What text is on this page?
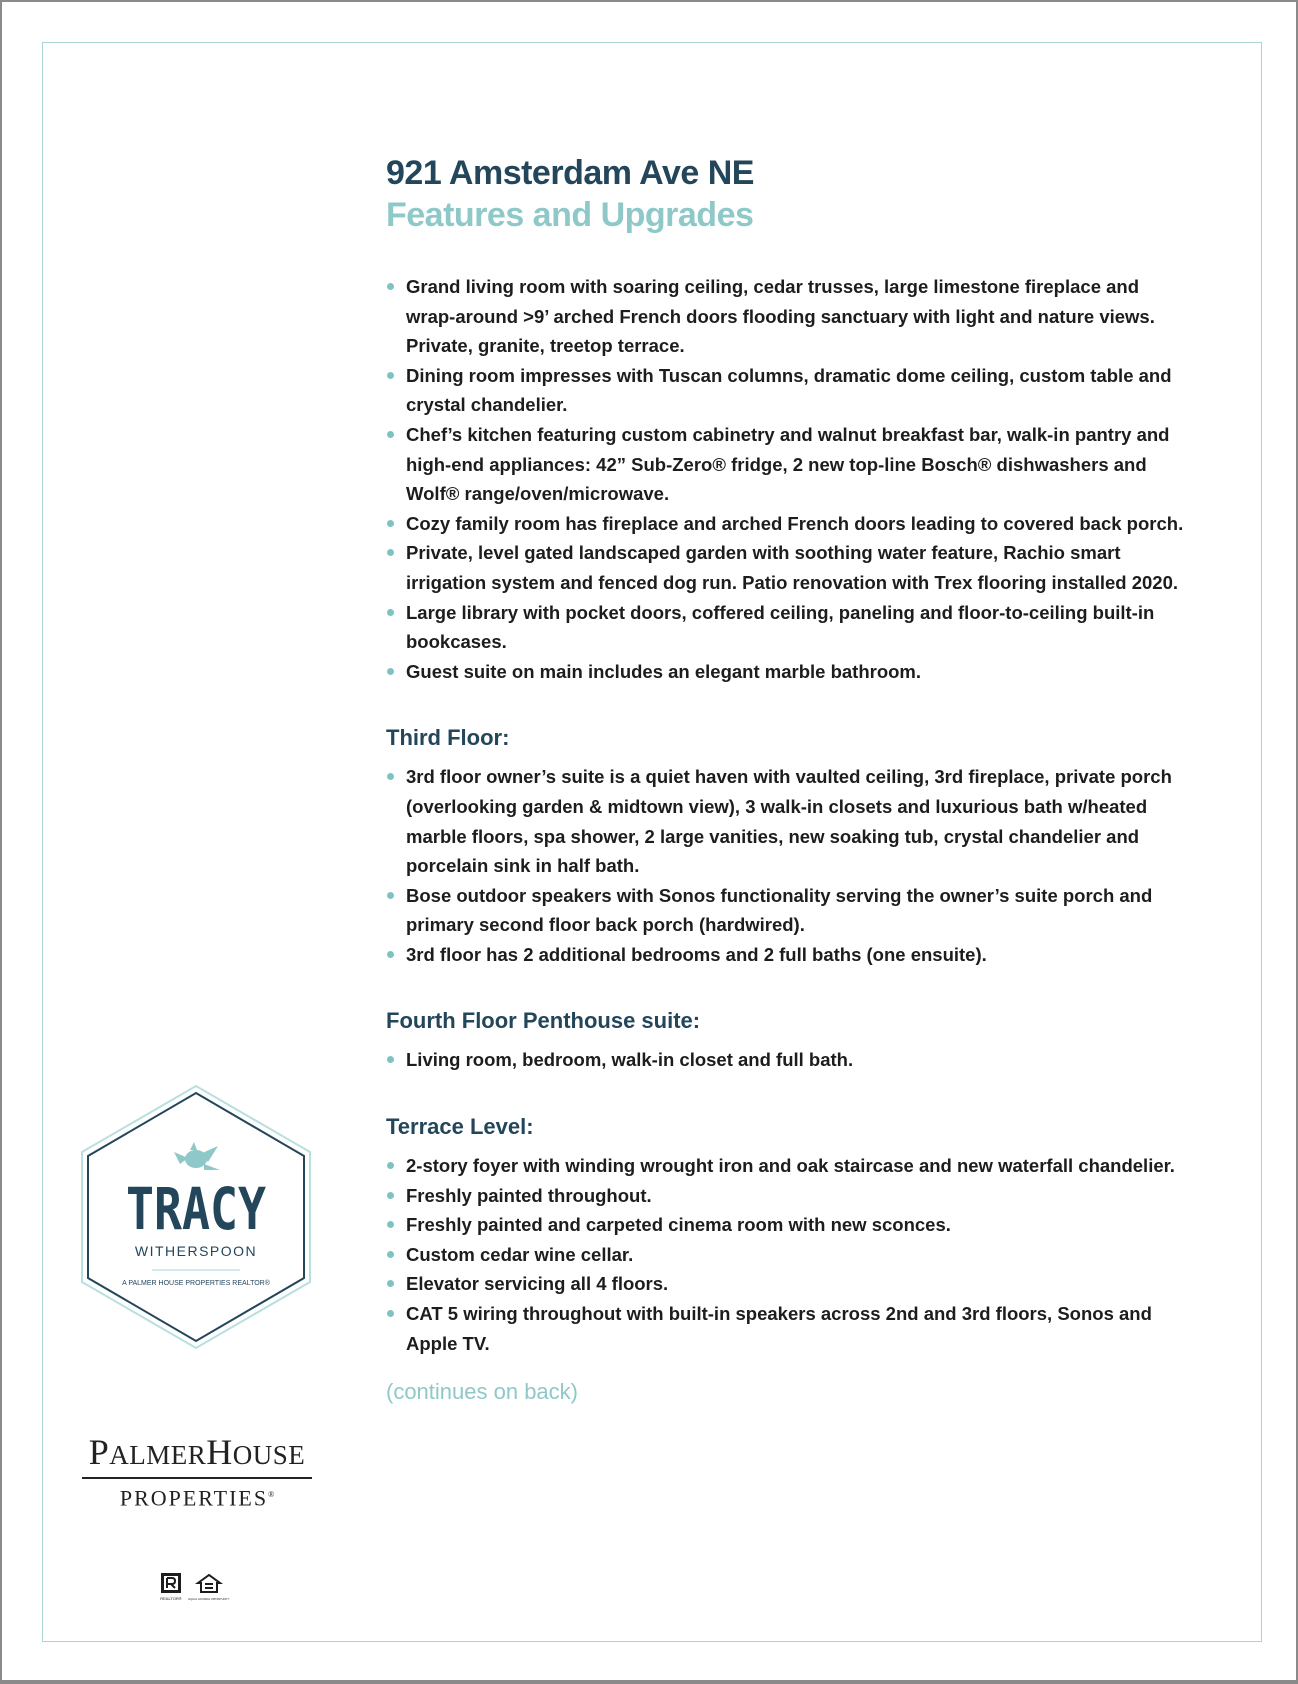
921 Amsterdam Ave NE
Features and Upgrades
Grand living room with soaring ceiling, cedar trusses, large limestone fireplace and wrap-around >9’ arched French doors flooding sanctuary with light and nature views. Private, granite, treetop terrace.
Dining room impresses with Tuscan columns, dramatic dome ceiling, custom table and crystal chandelier.
Chef’s kitchen featuring custom cabinetry and walnut breakfast bar, walk-in pantry and high-end appliances: 42” Sub-Zero® fridge, 2 new top-line Bosch® dishwashers and Wolf® range/oven/microwave.
Cozy family room has fireplace and arched French doors leading to covered back porch.
Private, level gated landscaped garden with soothing water feature, Rachio smart irrigation system and fenced dog run. Patio renovation with Trex flooring installed 2020.
Large library with pocket doors, coffered ceiling, paneling and floor-to-ceiling built-in bookcases.
Guest suite on main includes an elegant marble bathroom.
Third Floor:
3rd floor owner’s suite is a quiet haven with vaulted ceiling, 3rd fireplace, private porch (overlooking garden & midtown view), 3 walk-in closets and luxurious bath w/heated marble floors, spa shower, 2 large vanities, new soaking tub, crystal chandelier and porcelain sink in half bath.
Bose outdoor speakers with Sonos functionality serving the owner’s suite porch and primary second floor back porch (hardwired).
3rd floor has 2 additional bedrooms and 2 full baths (one ensuite).
Fourth Floor Penthouse suite:
Living room, bedroom, walk-in closet and full bath.
Terrace Level:
2-story foyer with winding wrought iron and oak staircase and new waterfall chandelier.
Freshly painted throughout.
Freshly painted and carpeted cinema room with new sconces.
Custom cedar wine cellar.
Elevator servicing all 4 floors.
CAT 5 wiring throughout with built-in speakers across 2nd and 3rd floors, Sonos and Apple TV.
(continues on back)
TRACY
WITHERSPOON
A PALMER HOUSE PROPERTIES REALTOR®
PALMERHOUSE
PROPERTIES®
REALTOR®	EQUAL HOUSING OPPORTUNITY
